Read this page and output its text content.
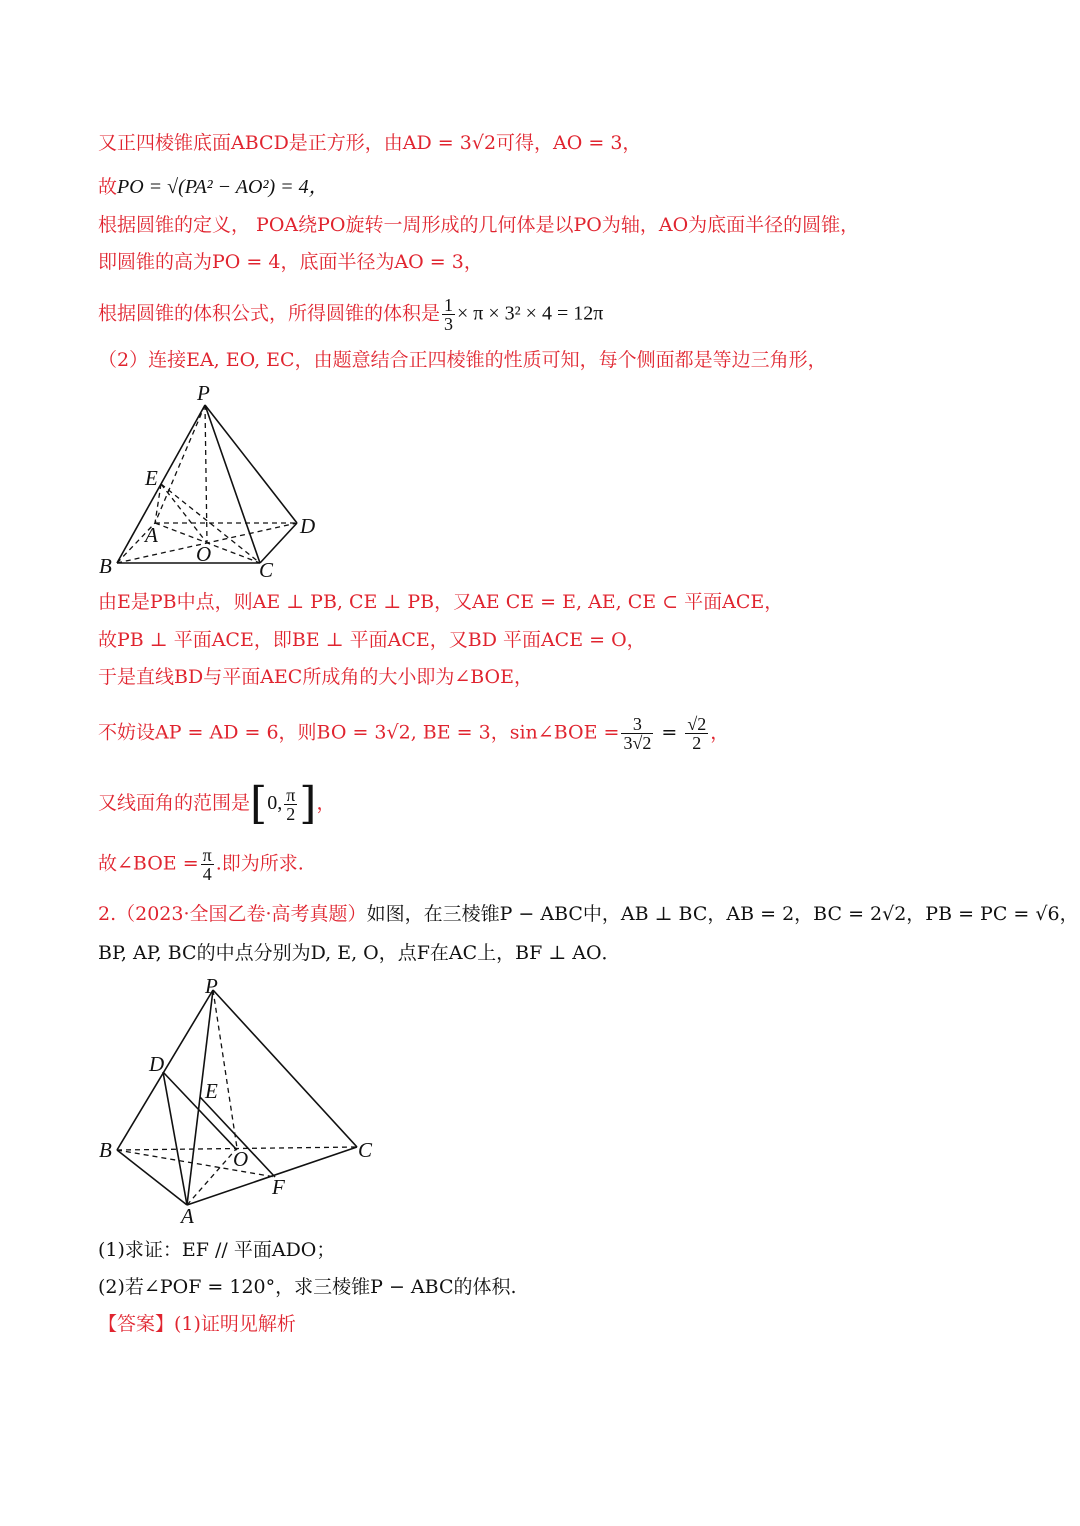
又正四棱锥底面ABCD是正方形，由AD = 3√2可得，AO = 3，
故PO = √(PA² − AO²) = 4，
根据圆锥的定义， POA绕PO旋转一周形成的几何体是以PO为轴，AO为底面半径的圆锥，
即圆锥的高为PO = 4，底面半径为AO = 3，
根据圆锥的体积公式，所得圆锥的体积是 $\frac{1}{3} \times \pi \times 3^2 \times 4 = 12\pi$
（2）连接EA, EO, EC，由题意结合正四棱锥的性质可知，每个侧面都是等边三角形，
P
E
A	D
B	O
C
由E是PB中点，则AE ⊥ PB, CE ⊥ PB，又AE CE = E, AE, CE ⊂ 平面ACE，
故PB ⊥ 平面ACE，即BE ⊥ 平面ACE，又BD 平面ACE = O，
于是直线BD与平面AEC所成角的大小即为∠BOE，
不妨设AP = AD = 6，则BO = 3√2, BE = 3，sin∠BOE = $\frac{3}{3√2} = \frac{√2}{2}$ ，
又线面角的范围是[0, $\frac{\pi}{2}$ ]，
故∠BOE = $\frac{\pi}{4}$ .即为所求.
2.（2023·全国乙卷·高考真题）如图，在三棱锥P − ABC中，AB ⊥ BC，AB = 2，BC = 2√2，PB = PC = √6，
BP, AP, BC的中点分别为D, E, O，点F在AC上，BF ⊥ AO．
P
D
E
B	O	C
F
A
(1)求证：EF // 平面ADO；
(2)若∠POF = 120°，求三棱锥P − ABC的体积.
【答案】(1)证明见解析
